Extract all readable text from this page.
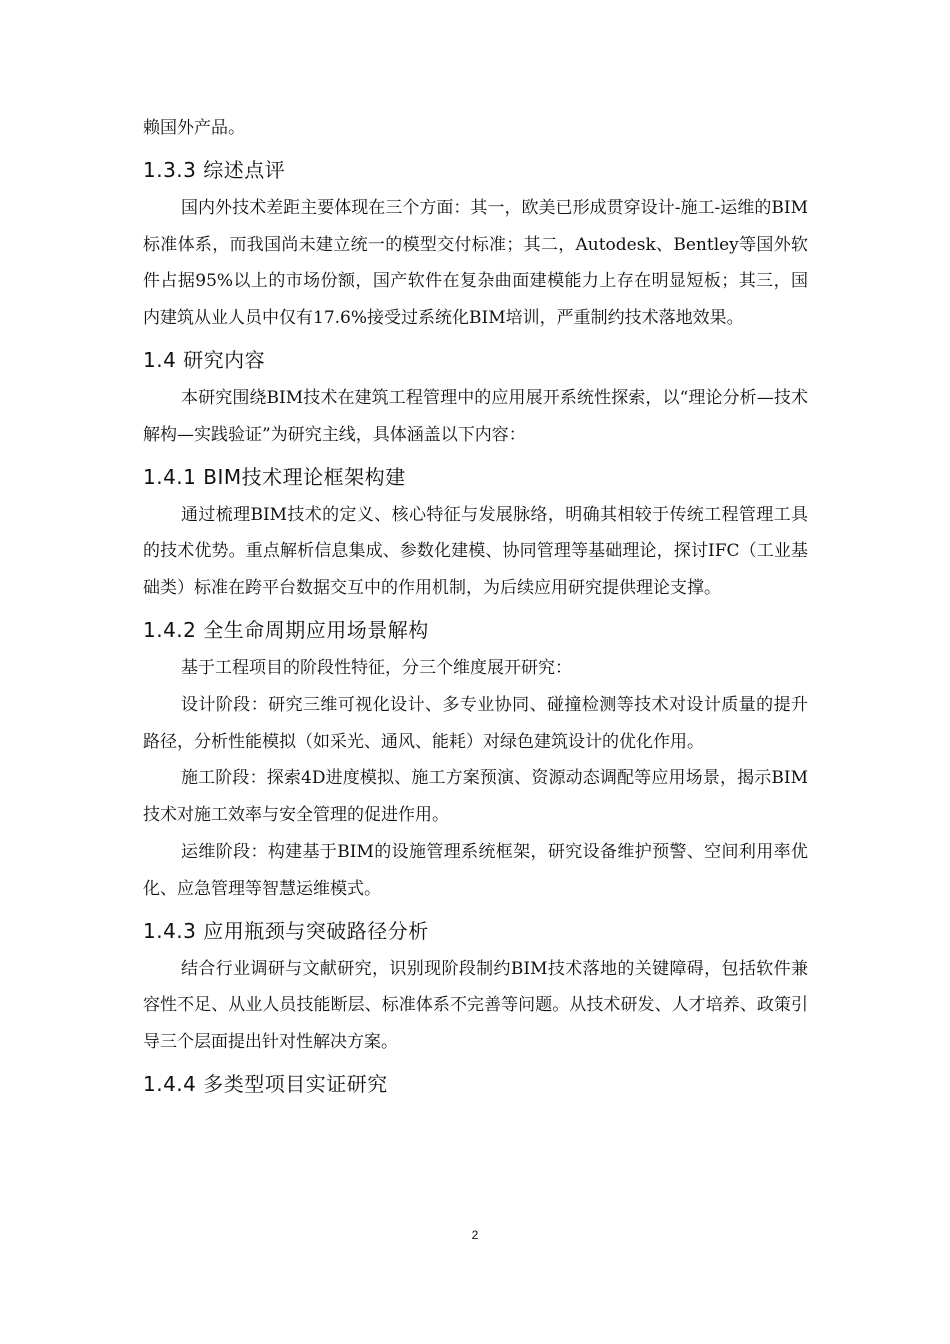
赖国外产品。

1.3.3 综述点评

国内外技术差距主要体现在三个方面：其一，欧美已形成贯穿设计-施工-运维的BIM标准体系，而我国尚未建立统一的模型交付标准；其二，Autodesk、Bentley等国外软件占据95%以上的市场份额，国产软件在复杂曲面建模能力上存在明显短板；其三，国内建筑从业人员中仅有17.6%接受过系统化BIM培训，严重制约技术落地效果。

1.4 研究内容

本研究围绕BIM技术在建筑工程管理中的应用展开系统性探索，以“理论分析—技术解构—实践验证”为研究主线，具体涵盖以下内容：

1.4.1 BIM技术理论框架构建

通过梳理BIM技术的定义、核心特征与发展脉络，明确其相较于传统工程管理工具的技术优势。重点解析信息集成、参数化建模、协同管理等基础理论，探讨IFC（工业基础类）标准在跨平台数据交互中的作用机制，为后续应用研究提供理论支撑。

1.4.2 全生命周期应用场景解构

基于工程项目的阶段性特征，分三个维度展开研究：

设计阶段：研究三维可视化设计、多专业协同、碰撞检测等技术对设计质量的提升路径，分析性能模拟（如采光、通风、能耗）对绿色建筑设计的优化作用。

施工阶段：探索4D进度模拟、施工方案预演、资源动态调配等应用场景，揭示BIM技术对施工效率与安全管理的促进作用。

运维阶段：构建基于BIM的设施管理系统框架，研究设备维护预警、空间利用率优化、应急管理等智慧运维模式。

1.4.3 应用瓶颈与突破路径分析

结合行业调研与文献研究，识别现阶段制约BIM技术落地的关键障碍，包括软件兼容性不足、从业人员技能断层、标准体系不完善等问题。从技术研发、人才培养、政策引导三个层面提出针对性解决方案。

1.4.4 多类型项目实证研究
2
